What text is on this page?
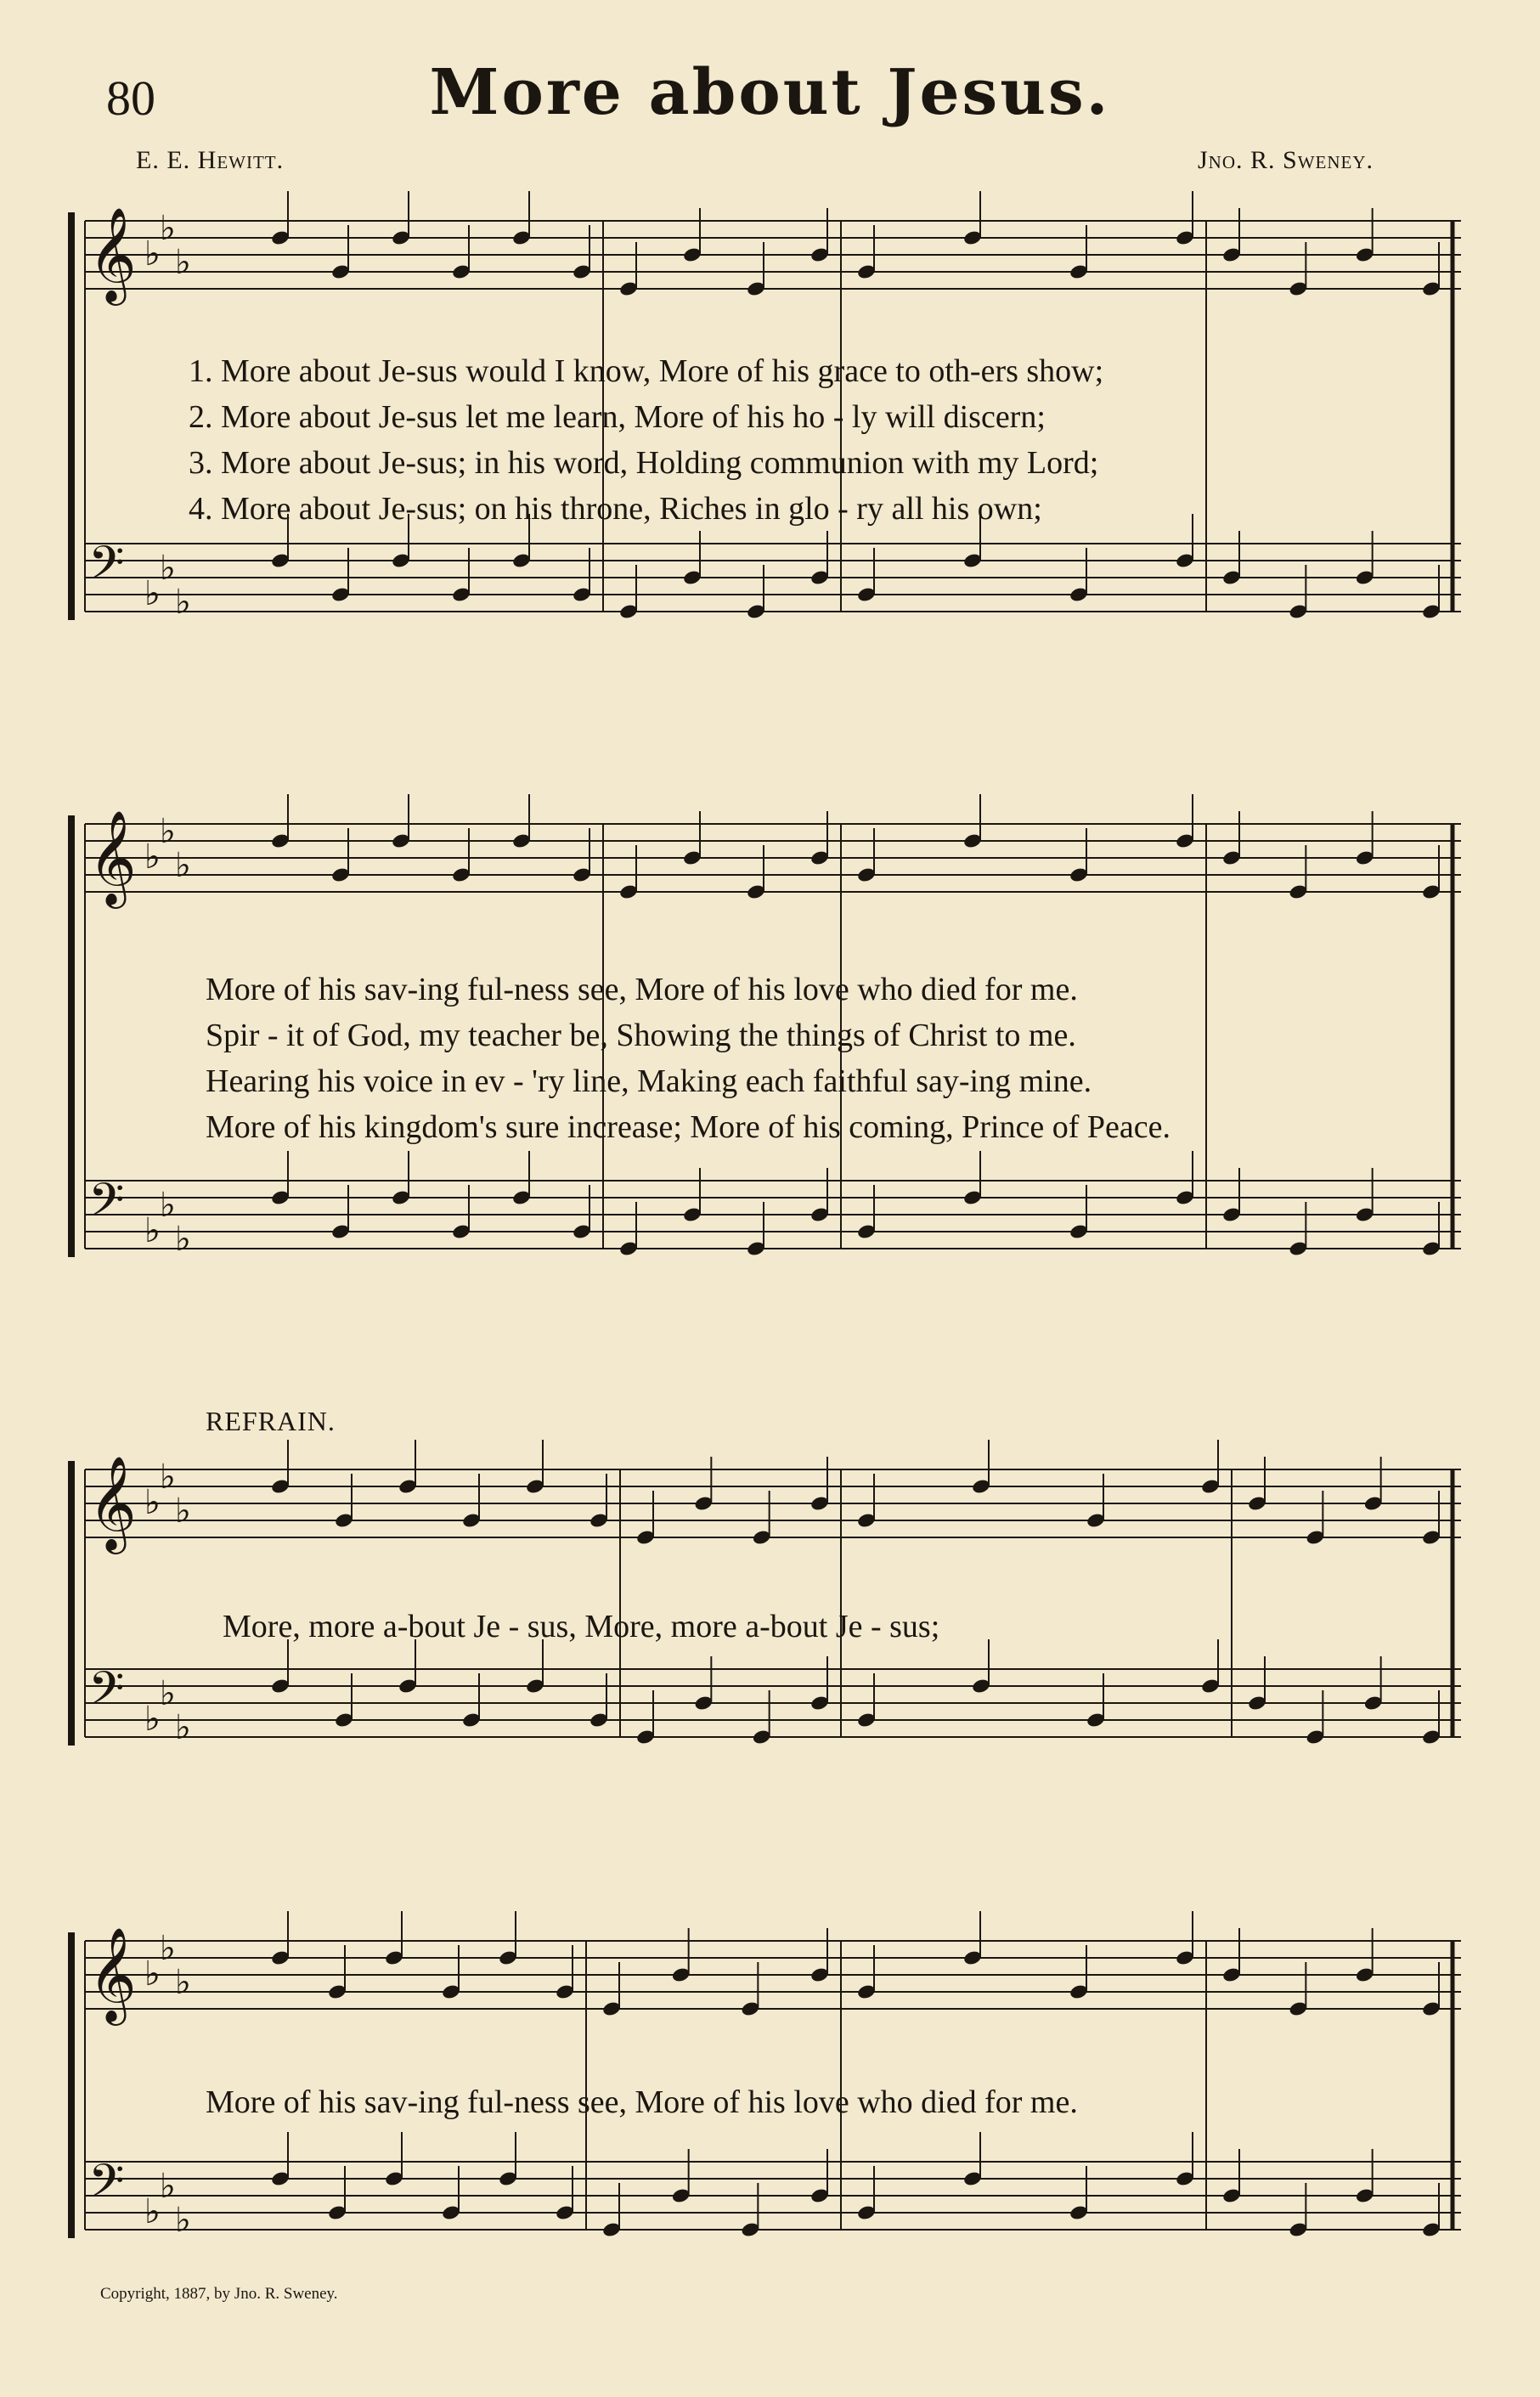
80	More about Jesus.
E. E. Hewitt.	Jno. R. Sweney.
𝄞 ♭
♭
♭
𝄢 ♭
♭
♭
𝄞 ♭
♭
♭
𝄢 ♭
♭
♭
𝄞 ♭
♭
♭
𝄢 ♭
♭
♭
𝄞 ♭
♭
♭
𝄢 ♭
♭
♭
1. More about Je-sus would I know, More of his grace to oth-ers show;
2. More about Je-sus let me learn, More of his ho - ly will discern;
3. More about Je-sus; in his word, Holding communion with my Lord;
4. More about Je-sus; on his throne, Riches in glo - ry all his own;
More of his sav-ing ful-ness see, More of his love who died for me.
Spir - it of God, my teacher be, Showing the things of Christ to me.
Hearing his voice in ev - 'ry line, Making each faithful say-ing mine.
More of his kingdom's sure increase; More of his coming, Prince of Peace.
REFRAIN.
More, more a-bout Je - sus, More, more a-bout Je - sus;
More of his sav-ing ful-ness see, More of his love who died for me.
Copyright, 1887, by Jno. R. Sweney.
